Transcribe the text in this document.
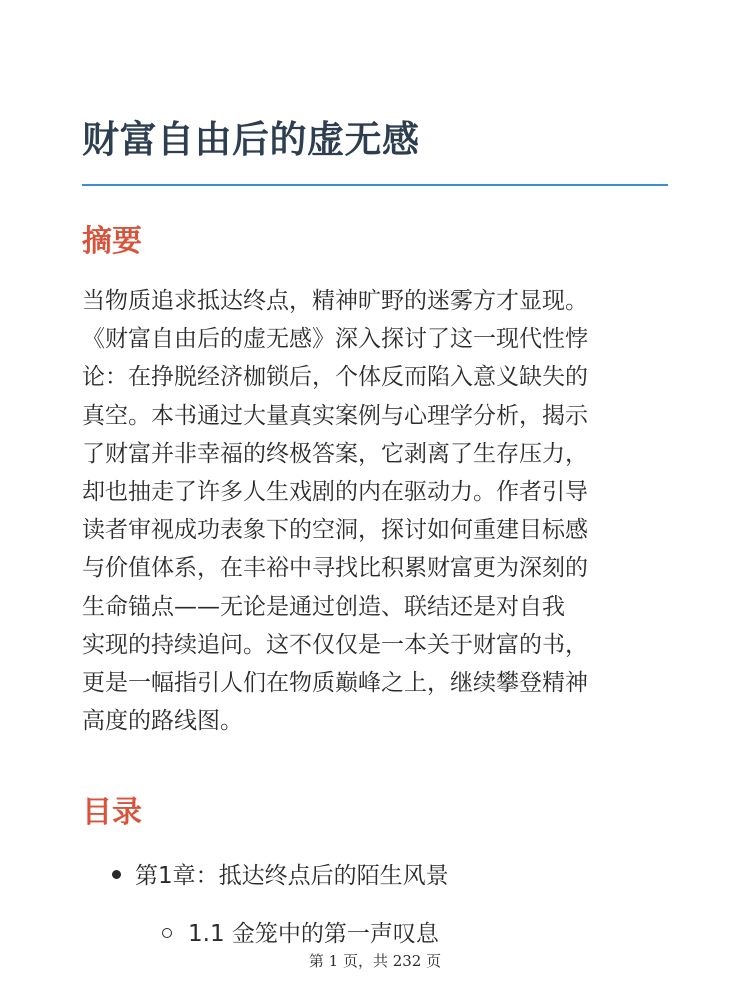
财富自由后的虚无感
摘要

当物质追求抵达终点，精神旷野的迷雾方才显现。
《财富自由后的虚无感》深入探讨了这一现代性悖
论：在挣脱经济枷锁后，个体反而陷入意义缺失的
真空。本书通过大量真实案例与心理学分析，揭示
了财富并非幸福的终极答案，它剥离了生存压力，
却也抽走了许多人生戏剧的内在驱动力。作者引导
读者审视成功表象下的空洞，探讨如何重建目标感
与价值体系，在丰裕中寻找比积累财富更为深刻的
生命锚点——无论是通过创造、联结还是对自我
实现的持续追问。这不仅仅是一本关于财富的书，
更是一幅指引人们在物质巅峰之上，继续攀登精神
高度的路线图。

目录
第1章：抵达终点后的陌生风景
1.1 金笼中的第一声叹息
第 1 页，共 232 页
